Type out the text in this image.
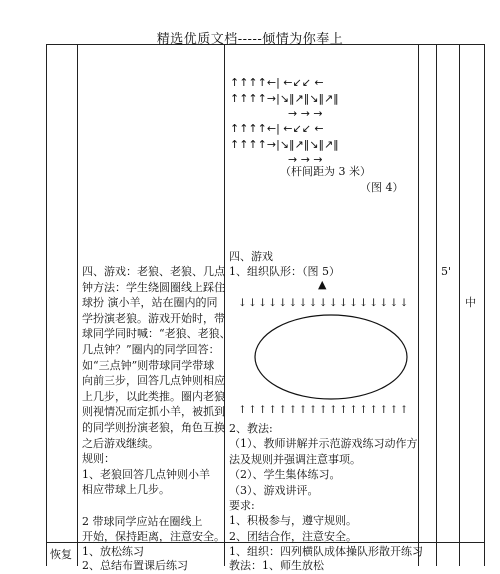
精选优质文档-----倾情为你奉上
↑↑↑↑←| ←↙↙ ←
↑↑↑↑→|↘‖↗‖↘‖↗‖
→ → →
↑↑↑↑←| ←↙↙ ←
↑↑↑↑→|↘‖↗‖↘‖↗‖
→ → →
（杆间距为 3 米）
（图 4）
四、游戏：老狼、老狼、几点
钟方法：学生绕圆圈线上踩住
球扮 演小羊，站在圈内的同
学扮演老狼。游戏开始时，带
球同学同时喊：“老狼、老狼、
几点钟？”圈内的同学回答：
如“三点钟”则带球同学带球
向前三步，回答几点钟则相应
上几步，以此类推。圈内老狼
则视情况而定抓小羊，被抓到
的同学则扮演老狼，角色互换
之后游戏继续。
规则：
1、老狼回答几点钟则小羊
相应带球上几步。
2 带球同学应站在圈线上
开始，保持距离，注意安全。
四、游戏
1、组织队形：（图 5）
▲
↓↓↓↓↓↓↓↓↓↓↓↓↓↓↓↓↓
↑↑↑↑↑↑↑↑↑↑↑↑↑↑↑↑↑
2、教法:
（1）、教师讲解并示范游戏练习动作方
法及规则并强调注意事项。
（2）、学生集体练习。
（3）、游戏讲评。
要求:
1、积极参与，遵守规则。
2、团结合作，注意安全。
5'
中
恢复 1、放松练习
2、总结布置课后练习
1、组织：四列横队成体操队形散开练习
教法：1、师生放松
